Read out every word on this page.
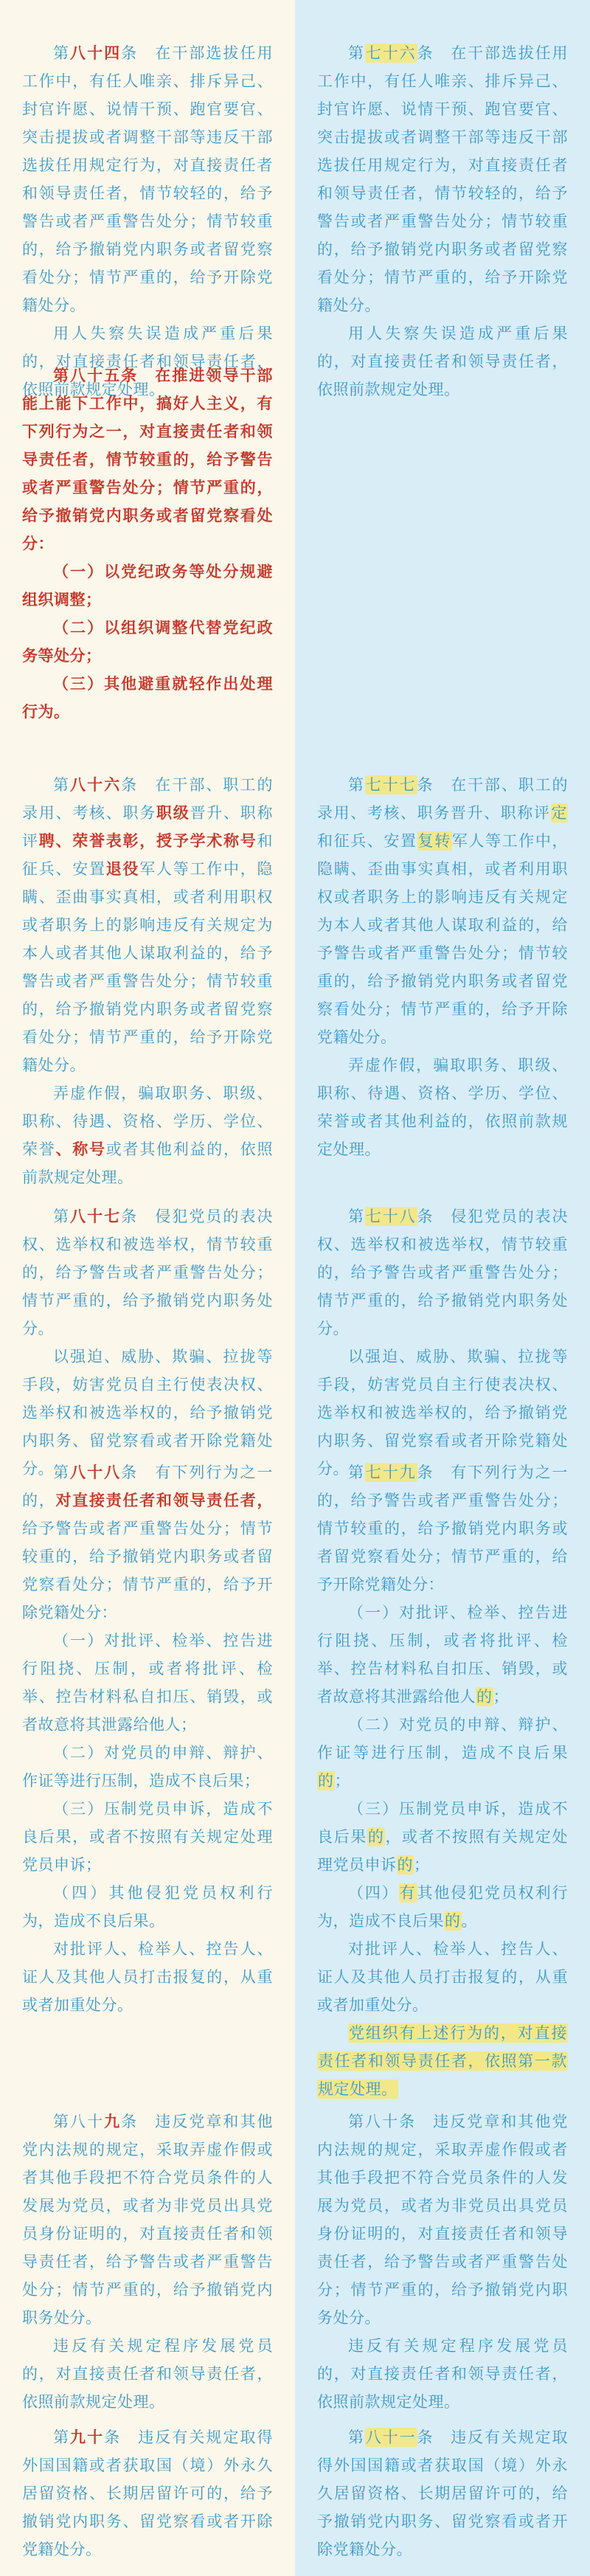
第八十四条　在干部选拔任用工作中，有任人唯亲、排斥异己、封官许愿、说情干预、跑官要官、突击提拔或者调整干部等违反干部选拔任用规定行为，对直接责任者和领导责任者，情节较轻的，给予警告或者严重警告处分；情节较重的，给予撤销党内职务或者留党察看处分；情节严重的，给予开除党籍处分。

用人失察失误造成严重后果的，对直接责任者和领导责任者，依照前款规定处理。

第七十六条　在干部选拔任用工作中，有任人唯亲、排斥异己、封官许愿、说情干预、跑官要官、突击提拔或者调整干部等违反干部选拔任用规定行为，对直接责任者和领导责任者，情节较轻的，给予警告或者严重警告处分；情节较重的，给予撤销党内职务或者留党察看处分；情节严重的，给予开除党籍处分。

用人失察失误造成严重后果的，对直接责任者和领导责任者，依照前款规定处理。

第八十五条　在推进领导干部能上能下工作中，搞好人主义，有下列行为之一，对直接责任者和领导责任者，情节较重的，给予警告或者严重警告处分；情节严重的，给予撤销党内职务或者留党察看处分：

（一）以党纪政务等处分规避组织调整；

（二）以组织调整代替党纪政务等处分；

（三）其他避重就轻作出处理行为。

第八十六条　在干部、职工的录用、考核、职务职级晋升、职称评聘、荣誉表彰，授予学术称号和征兵、安置退役军人等工作中，隐瞒、歪曲事实真相，或者利用职权或者职务上的影响违反有关规定为本人或者其他人谋取利益的，给予警告或者严重警告处分；情节较重的，给予撤销党内职务或者留党察看处分；情节严重的，给予开除党籍处分。

弄虚作假，骗取职务、职级、职称、待遇、资格、学历、学位、荣誉、称号或者其他利益的，依照前款规定处理。

第七十七条　在干部、职工的录用、考核、职务晋升、职称评定和征兵、安置复转军人等工作中，隐瞒、歪曲事实真相，或者利用职权或者职务上的影响违反有关规定为本人或者其他人谋取利益的，给予警告或者严重警告处分；情节较重的，给予撤销党内职务或者留党察看处分；情节严重的，给予开除党籍处分。

弄虚作假，骗取职务、职级、职称、待遇、资格、学历、学位、荣誉或者其他利益的，依照前款规定处理。

第八十七条　侵犯党员的表决权、选举权和被选举权，情节较重的，给予警告或者严重警告处分；情节严重的，给予撤销党内职务处分。

以强迫、威胁、欺骗、拉拢等手段，妨害党员自主行使表决权、选举权和被选举权的，给予撤销党内职务、留党察看或者开除党籍处分。

第七十八条　侵犯党员的表决权、选举权和被选举权，情节较重的，给予警告或者严重警告处分；情节严重的，给予撤销党内职务处分。

以强迫、威胁、欺骗、拉拢等手段，妨害党员自主行使表决权、选举权和被选举权的，给予撤销党内职务、留党察看或者开除党籍处分。

第八十八条　有下列行为之一的，对直接责任者和领导责任者，给予警告或者严重警告处分；情节较重的，给予撤销党内职务或者留党察看处分；情节严重的，给予开除党籍处分：

（一）对批评、检举、控告进行阻挠、压制，或者将批评、检举、控告材料私自扣压、销毁，或者故意将其泄露给他人；

（二）对党员的申辩、辩护、作证等进行压制，造成不良后果；

（三）压制党员申诉，造成不良后果，或者不按照有关规定处理党员申诉；

（四）其他侵犯党员权利行为，造成不良后果。

对批评人、检举人、控告人、证人及其他人员打击报复的，从重或者加重处分。

第七十九条　有下列行为之一的，给予警告或者严重警告处分；情节较重的，给予撤销党内职务或者留党察看处分；情节严重的，给予开除党籍处分：

（一）对批评、检举、控告进行阻挠、压制，或者将批评、检举、控告材料私自扣压、销毁，或者故意将其泄露给他人的；

（二）对党员的申辩、辩护、作证等进行压制，造成不良后果的；

（三）压制党员申诉，造成不良后果的，或者不按照有关规定处理党员申诉的；

（四）有其他侵犯党员权利行为，造成不良后果的。

对批评人、检举人、控告人、证人及其他人员打击报复的，从重或者加重处分。

党组织有上述行为的，对直接责任者和领导责任者，依照第一款规定处理。

第八十九条　违反党章和其他党内法规的规定，采取弄虚作假或者其他手段把不符合党员条件的人发展为党员，或者为非党员出具党员身份证明的，对直接责任者和领导责任者，给予警告或者严重警告处分；情节严重的，给予撤销党内职务处分。

违反有关规定程序发展党员的，对直接责任者和领导责任者，依照前款规定处理。

第八十条　违反党章和其他党内法规的规定，采取弄虚作假或者其他手段把不符合党员条件的人发展为党员，或者为非党员出具党员身份证明的，对直接责任者和领导责任者，给予警告或者严重警告处分；情节严重的，给予撤销党内职务处分。

违反有关规定程序发展党员的，对直接责任者和领导责任者，依照前款规定处理。

第九十条　违反有关规定取得外国国籍或者获取国（境）外永久居留资格、长期居留许可的，给予撤销党内职务、留党察看或者开除党籍处分。

第八十一条　违反有关规定取得外国国籍或者获取国（境）外永久居留资格、长期居留许可的，给予撤销党内职务、留党察看或者开除党籍处分。
